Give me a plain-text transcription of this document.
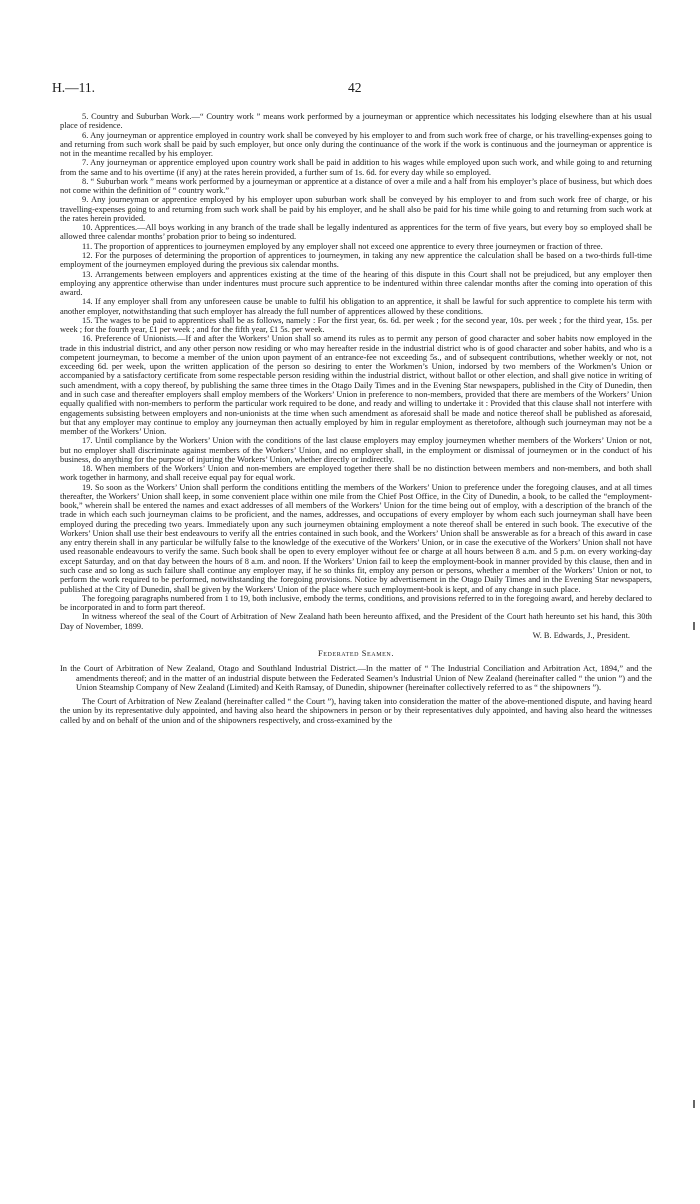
H.—11.	42

5. Country and Suburban Work.—“ Country work ” means work performed by a journeyman or apprentice which necessitates his lodging elsewhere than at his usual place of residence.

6. Any journeyman or apprentice employed in country work shall be conveyed by his employer to and from such work free of charge, or his travelling-expenses going to and returning from such work shall be paid by such employer, but once only during the continuance of the work if the work is continuous and the journeyman or apprentice is not in the meantime recalled by his employer.

7. Any journeyman or apprentice employed upon country work shall be paid in addition to his wages while employed upon such work, and while going to and returning from the same and to his overtime (if any) at the rates herein provided, a further sum of 1s. 6d. for every day while so employed.

8. “ Suburban work ” means work performed by a journeyman or apprentice at a distance of over a mile and a half from his employer’s place of business, but which does not come within the definition of “ country work.”

9. Any journeyman or apprentice employed by his employer upon suburban work shall be conveyed by his employer to and from such work free of charge, or his travelling-expenses going to and returning from such work shall be paid by his employer, and he shall also be paid for his time while going to and returning from such work at the rates herein provided.

10. Apprentices.—All boys working in any branch of the trade shall be legally indentured as apprentices for the term of five years, but every boy so employed shall be allowed three calendar months’ probation prior to being so indentured.

11. The proportion of apprentices to journeymen employed by any employer shall not exceed one apprentice to every three journeymen or fraction of three.

12. For the purposes of determining the proportion of apprentices to journeymen, in taking any new apprentice the calculation shall be based on a two-thirds full-time employment of the journeymen employed during the previous six calendar months.

13. Arrangements between employers and apprentices existing at the time of the hearing of this dispute in this Court shall not be prejudiced, but any employer then employing any apprentice otherwise than under indentures must procure such apprentice to be indentured within three calendar months after the coming into operation of this award.

14. If any employer shall from any unforeseen cause be unable to fulfil his obligation to an apprentice, it shall be lawful for such apprentice to complete his term with another employer, notwithstanding that such employer has already the full number of apprentices allowed by these conditions.

15. The wages to be paid to apprentices shall be as follows, namely : For the first year, 6s. 6d. per week ; for the second year, 10s. per week ; for the third year, 15s. per week ; for the fourth year, £1 per week ; and for the fifth year, £1 5s. per week.

16. Preference of Unionists.—If and after the Workers’ Union shall so amend its rules as to permit any person of good character and sober habits now employed in the trade in this industrial district, and any other person now residing or who may hereafter reside in the industrial district who is of good character and sober habits, and who is a competent journeyman, to become a member of the union upon payment of an entrance-fee not exceeding 5s., and of subsequent contributions, whether weekly or not, not exceeding 6d. per week, upon the written application of the person so desiring to enter the Workmen’s Union, indorsed by two members of the Workmen’s Union or accompanied by a satisfactory certificate from some respectable person residing within the industrial district, without ballot or other election, and shall give notice in writing of such amendment, with a copy thereof, by publishing the same three times in the Otago Daily Times and in the Evening Star newspapers, published in the City of Dunedin, then and in such case and thereafter employers shall employ members of the Workers’ Union in preference to non-members, provided that there are members of the Workers’ Union equally qualified with non-members to perform the particular work required to be done, and ready and willing to undertake it : Provided that this clause shall not interfere with engagements subsisting between employers and non-unionists at the time when such amendment as aforesaid shall be made and notice thereof shall be published as aforesaid, but that any employer may continue to employ any journeyman then actually employed by him in regular employment as theretofore, although such journeyman may not be a member of the Workers’ Union.

17. Until compliance by the Workers’ Union with the conditions of the last clause employers may employ journeymen whether members of the Workers’ Union or not, but no employer shall discriminate against members of the Workers’ Union, and no employer shall, in the employment or dismissal of journeymen or in the conduct of his business, do anything for the purpose of injuring the Workers’ Union, whether directly or indirectly.

18. When members of the Workers’ Union and non-members are employed together there shall be no distinction between members and non-members, and both shall work together in harmony, and shall receive equal pay for equal work.

19. So soon as the Workers’ Union shall perform the conditions entitling the members of the Workers’ Union to preference under the foregoing clauses, and at all times thereafter, the Workers’ Union shall keep, in some convenient place within one mile from the Chief Post Office, in the City of Dunedin, a book, to be called the “employment-book,” wherein shall be entered the names and exact addresses of all members of the Workers’ Union for the time being out of employ, with a description of the branch of the trade in which each such journeyman claims to be proficient, and the names, addresses, and occupations of every employer by whom each such journeyman shall have been employed during the preceding two years. Immediately upon any such journeymen obtaining employment a note thereof shall be entered in such book. The executive of the Workers’ Union shall use their best endeavours to verify all the entries contained in such book, and the Workers’ Union shall be answerable as for a breach of this award in case any entry therein shall in any particular be wilfully false to the knowledge of the executive of the Workers’ Union, or in case the executive of the Workers’ Union shall not have used reasonable endeavours to verify the same. Such book shall be open to every employer without fee or charge at all hours between 8 a.m. and 5 p.m. on every working-day except Saturday, and on that day between the hours of 8 a.m. and noon. If the Workers’ Union fail to keep the employment-book in manner provided by this clause, then and in such case and so long as such failure shall continue any employer may, if he so thinks fit, employ any person or persons, whether a member of the Workers’ Union or not, to perform the work required to be performed, notwithstanding the foregoing provisions. Notice by advertisement in the Otago Daily Times and in the Evening Star newspapers, published at the City of Dunedin, shall be given by the Workers’ Union of the place where such employment-book is kept, and of any change in such place.

The foregoing paragraphs numbered from 1 to 19, both inclusive, embody the terms, conditions, and provisions referred to in the foregoing award, and hereby declared to be incorporated in and to form part thereof.

In witness whereof the seal of the Court of Arbitration of New Zealand hath been hereunto affixed, and the President of the Court hath hereunto set his hand, this 30th Day of November, 1899.

W. B. Edwards, J., President.

Federated Seamen.

In the Court of Arbitration of New Zealand, Otago and Southland Industrial District.—In the matter of “ The Industrial Conciliation and Arbitration Act, 1894,” and the amendments thereof; and in the matter of an industrial dispute between the Federated Seamen’s Industrial Union of New Zealand (hereinafter called “ the union ”) and the Union Steamship Company of New Zealand (Limited) and Keith Ramsay, of Dunedin, shipowner (hereinafter collectively referred to as “ the shipowners ”).

The Court of Arbitration of New Zealand (hereinafter called “ the Court ”), having taken into consideration the matter of the above-mentioned dispute, and having heard the union by its representative duly appointed, and having also heard the shipowners in person or by their representatives duly appointed, and having also heard the witnesses called by and on behalf of the union and of the shipowners respectively, and cross-examined by the
